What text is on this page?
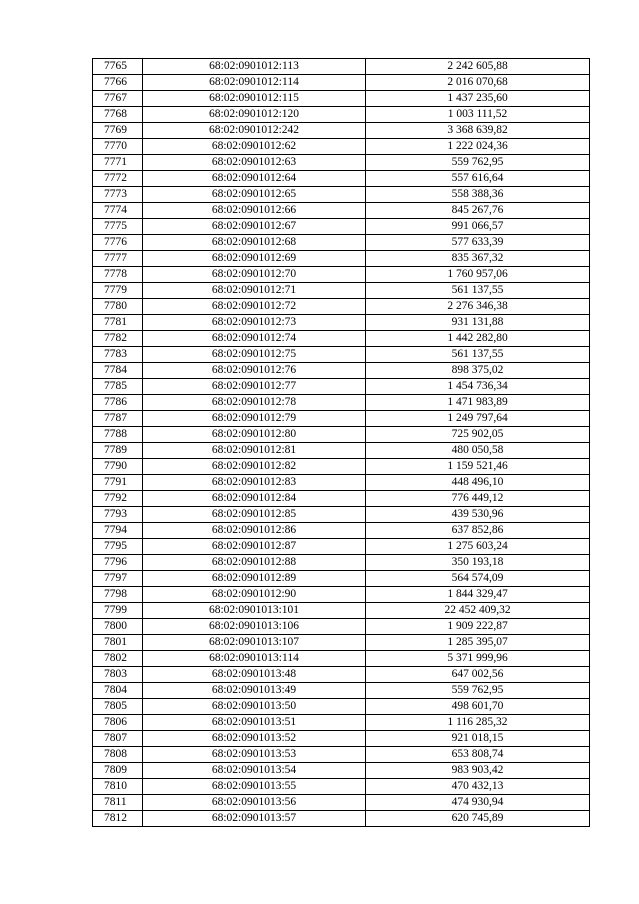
7765	68:02:0901012:113	2 242 605,88
7766	68:02:0901012:114	2 016 070,68
7767	68:02:0901012:115	1 437 235,60
7768	68:02:0901012:120	1 003 111,52
7769	68:02:0901012:242	3 368 639,82
7770	68:02:0901012:62	1 222 024,36
7771	68:02:0901012:63	559 762,95
7772	68:02:0901012:64	557 616,64
7773	68:02:0901012:65	558 388,36
7774	68:02:0901012:66	845 267,76
7775	68:02:0901012:67	991 066,57
7776	68:02:0901012:68	577 633,39
7777	68:02:0901012:69	835 367,32
7778	68:02:0901012:70	1 760 957,06
7779	68:02:0901012:71	561 137,55
7780	68:02:0901012:72	2 276 346,38
7781	68:02:0901012:73	931 131,88
7782	68:02:0901012:74	1 442 282,80
7783	68:02:0901012:75	561 137,55
7784	68:02:0901012:76	898 375,02
7785	68:02:0901012:77	1 454 736,34
7786	68:02:0901012:78	1 471 983,89
7787	68:02:0901012:79	1 249 797,64
7788	68:02:0901012:80	725 902,05
7789	68:02:0901012:81	480 050,58
7790	68:02:0901012:82	1 159 521,46
7791	68:02:0901012:83	448 496,10
7792	68:02:0901012:84	776 449,12
7793	68:02:0901012:85	439 530,96
7794	68:02:0901012:86	637 852,86
7795	68:02:0901012:87	1 275 603,24
7796	68:02:0901012:88	350 193,18
7797	68:02:0901012:89	564 574,09
7798	68:02:0901012:90	1 844 329,47
7799	68:02:0901013:101	22 452 409,32
7800	68:02:0901013:106	1 909 222,87
7801	68:02:0901013:107	1 285 395,07
7802	68:02:0901013:114	5 371 999,96
7803	68:02:0901013:48	647 002,56
7804	68:02:0901013:49	559 762,95
7805	68:02:0901013:50	498 601,70
7806	68:02:0901013:51	1 116 285,32
7807	68:02:0901013:52	921 018,15
7808	68:02:0901013:53	653 808,74
7809	68:02:0901013:54	983 903,42
7810	68:02:0901013:55	470 432,13
7811	68:02:0901013:56	474 930,94
7812	68:02:0901013:57	620 745,89
